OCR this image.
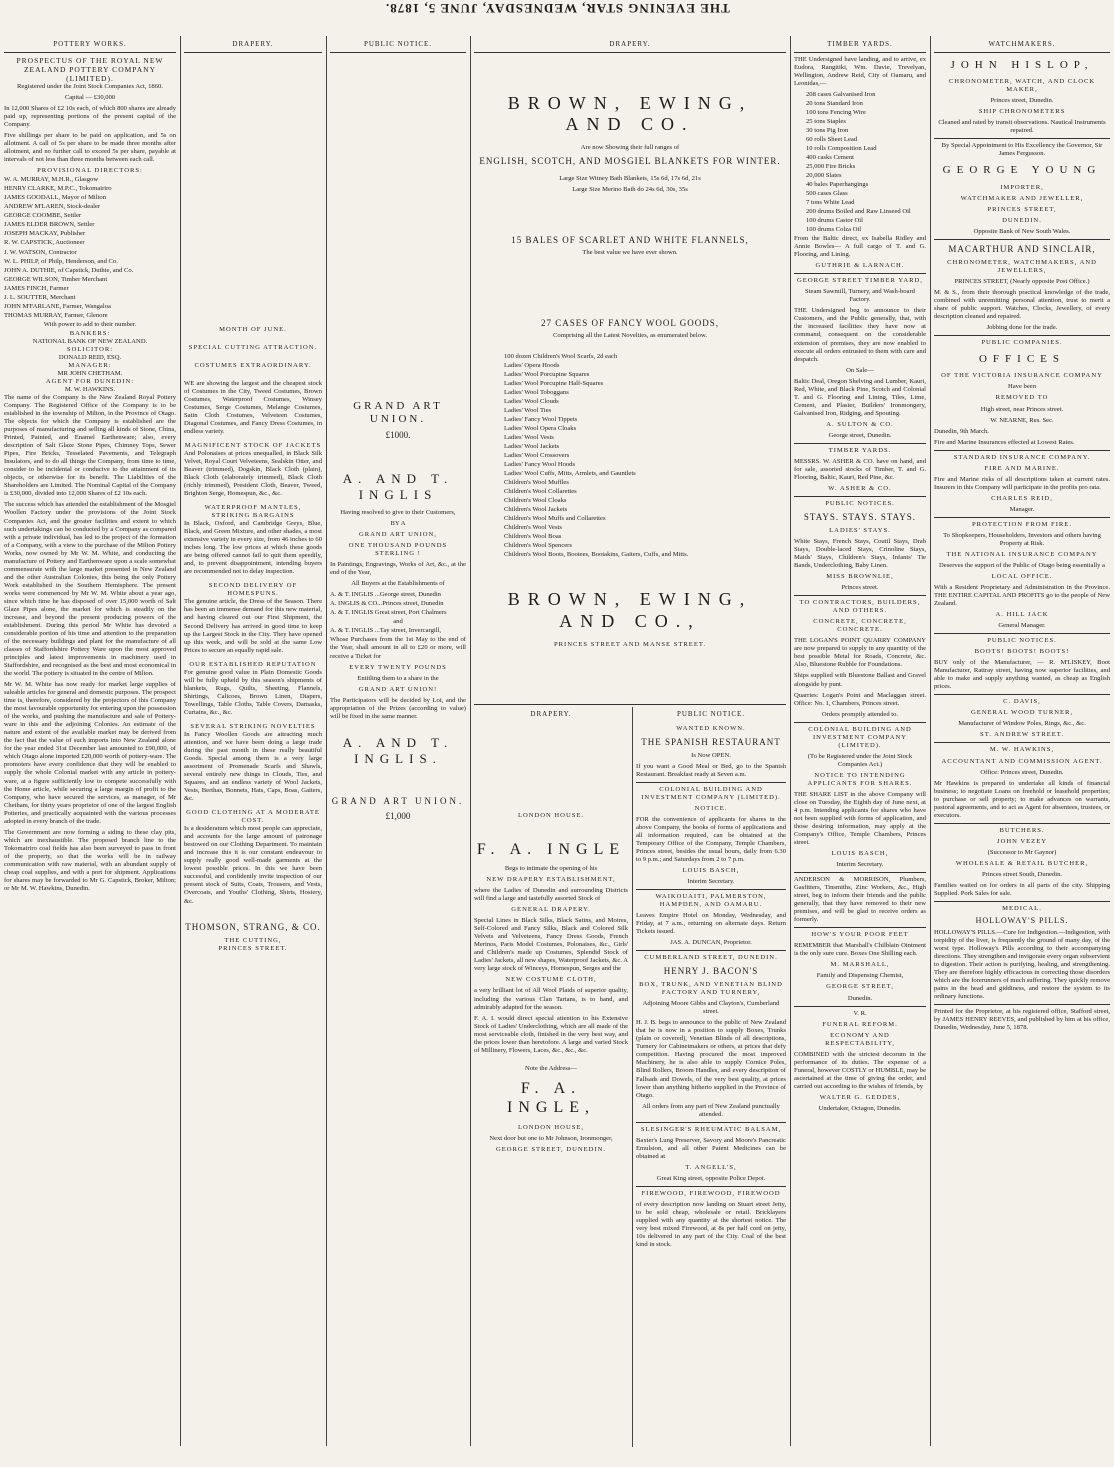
THE EVENING STAR, WEDNESDAY, JUNE 5, 1878.
POTTERY WORKS.
PROSPECTUS OF THE ROYAL NEW ZEALAND POTTERY COMPANY (LIMITED).

Registered under the Joint Stock Companies Act, 1860.

Capital — £30,000

In 12,000 Shares of £2 10s each, of which 800 shares are already paid up, representing portions of the present capital of the Company.

Five shillings per share to be paid on application, and 5s on allotment. A call of 5s per share to be made three months after allotment, and no further call to exceed 5s per share, payable at intervals of not less than three months between each call.

PROVISIONAL DIRECTORS:
W. A. MURRAY, M.H.R., Glasgow
HENRY CLARKE, M.P.C., Tokomairiro
JAMES GOODALL, Mayor of Milton
ANDREW M'LAREN, Stock-dealer
GEORGE COOMBE, Settler
JAMES ELDER BROWN, Settler
JOSEPH MACKAY, Publisher
R. W. CAPSTICK, Auctioneer
J. W. WATSON, Contractor
W. L. PHILP, of Philp, Henderson, and Co.
JOHN A. DUTHIE, of Capstick, Duthie, and Co.
GEORGE WILSON, Timber Merchant
JAMES FINCH, Farmer
J. L. SOUTTER, Merchant
JOHN M'FARLANE, Farmer, Wangaloa
THOMAS MURRAY, Farmer, Glenore
With power to add to their number.
BANKERS:
NATIONAL BANK OF NEW ZEALAND.
SOLICITOR:
DONALD REID, ESQ.
MANAGER:
MR JOHN CHETHAM.
AGENT FOR DUNEDIN:
M. W. HAWKINS.

The name of the Company is the New Zealand Royal Pottery Company. The Registered Office of the Company is to be established in the township of Milton, in the Province of Otago. The objects for which the Company is established are the purposes of manufacturing and selling all kinds of Stone, China, Printed, Painted, and Enamel Earthenware; also, every description of Salt Glaze Stone Pipes, Chimney Tops, Sewer Pipes, Fire Bricks, Tesselated Pavements, and Telegraph Insulators, and to do all things the Company, from time to time, consider to be incidental or conducive to the attainment of its objects, or otherwise for its benefit. The Liabilities of the Shareholders are Limited. The Nominal Capital of the Company is £30,000, divided into 12,000 Shares of £2 10s each.

The success which has attended the establishment of the Mosgiel Woollen Factory under the provisions of the Joint Stock Companies Act, and the greater facilities and extent to which such undertakings can be conducted by a Company as compared with a private individual, has led to the project of the formation of a Company, with a view to the purchase of the Milton Pottery Works, now owned by Mr W. M. White, and conducting the manufacture of Pottery and Earthenware upon a scale somewhat commensurate with the large market presented in New Zealand and the other Australian Colonies, this being the only Pottery Work established in the Southern Hemisphere. The present works were commenced by Mr W. M. White about a year ago, since which time he has disposed of over 15,000 worth of Salt Glaze Pipes alone, the market for which is steadily on the increase, and beyond the present producing powers of the establishment. During this period Mr White has devoted a considerable portion of his time and attention to the preparation of the necessary buildings and plant for the manufacture of all classes of Staffordshire Pottery Ware upon the most approved principles and latest improvements in machinery used in Staffordshire, and recognised as the best and most economical in the world. The pottery is situated in the centre of Milton.

Mr W. M. White has now ready for market large supplies of saleable articles for general and domestic purposes. The prospect time is, therefore, considered by the projectors of this Company the most favourable opportunity for entering upon the possession of the works, and pushing the manufacture and sale of Pottery-ware in this and the adjoining Colonies. An estimate of the nature and extent of the available market may be derived from the fact that the value of such imports into New Zealand alone for the year ended 31st December last amounted to £90,000, of which Otago alone imported £20,000 worth of pottery-ware. The promoters have every confidence that they will be enabled to supply the whole Colonial market with any article in pottery-ware, at a figure sufficiently low to compete successfully with the Home article, while securing a large margin of profit to the Company, who have secured the services, as manager, of Mr Chetham, for thirty years proprietor of one of the largest English Potteries, and practically acquainted with the various processes adopted in every branch of the trade.

The Government are now forming a siding to these clay pits, which are inexhaustible. The proposed branch line to the Tokomairiro coal fields has also been surveyed to pass in front of the property, so that the works will be in railway communication with raw material, with an abundant supply of cheap coal supplies, and with a port for shipment. Applications for shares may be forwarded to Mr G. Capstick, Broker, Milton; or Mr M. W. Hawkins, Dunedin.

DRAPERY.
MONTH OF JUNE.
SPECIAL CUTTING ATTRACTION.
COSTUMES EXTRAORDINARY.

WE are showing the largest and the cheapest stock of Costumes in the City, Tweed Costumes, Brown Costumes, Waterproof Costumes, Winsey Costumes, Serge Costumes, Melange Costumes, Satin Cloth Costumes, Velveteen Costumes, Diagonal Costumes, and Fancy Dress Costumes, in endless variety.

MAGNIFICENT STOCK OF JACKETS

And Polonaises at prices unequalled, in Black Silk Velvet, Royal Court Velveteens, Sealskin Otter, and Beaver (trimmed), Dogskin, Black Cloth (plain), Black Cloth (elaborately trimmed), Black Cloth (richly trimmed), President Cloth, Beaver, Tweed, Brighton Serge, Homespun, &c., &c.

WATERPROOF MANTLES, STRIKING BARGAINS

In Black, Oxford, and Cambridge Greys, Blue, Black, and Green Mixture, and other shades, a most extensive variety in every size, from 46 inches to 60 inches long. The low prices at which these goods are being offered cannot fail to quit them speedily, and, to prevent disappointment, intending buyers are recommended not to delay inspection.

SECOND DELIVERY OF HOMESPUNS.

The genuine article, the Dress of the Season. There has been an immense demand for this new material, and having cleared out our First Shipment, the Second Delivery has arrived in good time to keep up the Largest Stock in the City. They have opened up this week, and will be sold at the same Low Prices to secure an equally rapid sale.

OUR ESTABLISHED REPUTATION

For genuine good value in Plain Domestic Goods will be fully upheld by this season's shipments of blankets, Rugs, Quilts, Sheeting, Flannels, Shirtings, Calicoes, Brown Linen, Diapers, Towellings, Table Cloths, Table Covers, Damasks, Curtains, &c., &c.

SEVERAL STRIKING NOVELTIES

In Fancy Woollen Goods are attracting much attention, and we have been doing a large trade during the past month in these really beautiful Goods. Special among them is a very large assortment of Promenade Scarfs and Shawls, several entirely new things in Clouds, Ties, and Squares, and an endless variety of Wool Jackets, Vests, Berthas, Bonnets, Hats, Caps, Boas, Gaiters, &c.

GOOD CLOTHING AT A MODERATE COST.

Is a desideratum which most people can appreciate, and accounts for the large amount of patronage bestowed on our Clothing Department. To maintain and increase this it is our constant endeavour to supply really good well-made garments at the lowest possible prices. In this we have been successful, and confidently invite inspection of our present stock of Suits, Coats, Trousers, and Vests, Overcoats, and Youths' Clothing, Shirts, Hosiery, &c.

THOMSON, STRANG, & CO.
THE CUTTING,
PRINCES STREET.
PUBLIC NOTICE.
GRAND ART UNION.
£1000.
A. AND T. INGLIS

Having resolved to give to their Customers,

BY A

GRAND ART UNION,

ONE THOUSAND POUNDS STERLING !

In Paintings, Engravings, Works of Art, &c., at the end of the Year,

All Buyers at the Establishments of

A. & T. INGLIS ...George street, Dunedin
A. INGLIS & CO...Princes street, Dunedin
A. & T. INGLIS Great street, Port Chalmers
and
A. & T. INGLIS ...Tay street, Invercargill,

Whose Purchases from the 1st May to the end of the Year, shall amount in all to £20 or more, will receive a Ticket for

EVERY TWENTY POUNDS

Entitling them to a share in the

GRAND ART UNION!

The Participators will be decided by Lot, and the appropriation of the Prizes (according to value) will be fixed in the same manner.

A. AND T. INGLIS.
GRAND ART UNION.
£1,000
DRAPERY.
BROWN, EWING, AND CO.

Are now Showing their full ranges of

ENGLISH, SCOTCH, AND MOSGIEL BLANKETS FOR WINTER.

Large Size Witney Bath Blankets, 15s 6d, 17s 6d, 21s

Large Size Merino Bath do 24s 6d, 30s, 35s

15 BALES OF SCARLET AND WHITE FLANNELS,

The best value we have ever shown.

27 CASES OF FANCY WOOL GOODS,

Comprising all the Latest Novelties, as enumerated below.

100 dozen Children's Wool Scarfs, 2d each
Ladies' Opera Hoods
Ladies' Wool Porcupine Squares
Ladies' Wool Porcupine Half-Squares
Ladies' Wool Toboggans
Ladies' Wool Clouds
Ladies' Wool Ties
Ladies' Fancy Wool Tippets
Ladies' Wool Opera Cloaks
Ladies' Wool Vests
Ladies' Wool Jackets
Ladies' Wool Crossovers
Ladies' Fancy Wool Hoods
Ladies' Wool Cuffs, Mitts, Armlets, and Gauntlets
Children's Wool Muffles
Children's Wool Collarettes
Children's Wool Cloaks
Children's Wool Jackets
Children's Wool Muffs and Collarettes
Children's Wool Vests
Children's Wool Boas
Children's Wool Spencers
Children's Wool Boots, Bootees, Bootakins, Gaiters, Cuffs, and Mitts.
BROWN, EWING, AND CO.,

PRINCES STREET AND MANSE STREET.

DRAPERY.
LONDON HOUSE.
F. A. INGLE

Begs to intimate the opening of his

NEW DRAPERY ESTABLISHMENT,

where the Ladies of Dunedin and surrounding Districts will find a large and tastefully assorted Stock of

GENERAL DRAPERY.

Special Lines in Black Silks, Black Satins, and Moires, Self-Colored and Fancy Silks, Black and Colored Silk Velvets and Velveteens, Fancy Dress Goods, French Merinos, Paris Model Costumes, Polonaises, &c., Girls' and Children's made up Costumes, Splendid Stock of Ladies' Jackets, all new shapes, Waterproof Jackets, &c. A very large stock of Winceys, Homespun, Serges and the

NEW COSTUME CLOTH,

a very brilliant lot of All Wool Plaids of superior quality, including the various Clan Tartans, is to hand, and admirably adapted for the season.

F. A. I. would direct special attention to his Extensive Stock of Ladies' Underclothing, which are all made of the most serviceable cloth, finished in the very best way, and the prices lower than heretofore. A large and varied Stock of Millinery, Flowers, Laces, &c., &c., &c.

Note the Address—

F. A. INGLE,

LONDON HOUSE,

Next door but one to Mr Johnson, Ironmonger,

GEORGE STREET, DUNEDIN.

PUBLIC NOTICE.

WANTED KNOWN.

THE SPANISH RESTAURANT

Is Now OPEN.

If you want a Good Meal or Bed, go to the Spanish Restaurant. Breakfast ready at Seven a.m.

COLONIAL BUILDING AND INVESTMENT COMPANY (LIMITED).

NOTICE.

FOR the convenience of applicants for shares in the above Company, the books of forms of applications and all information required, can be obtained at the Temporary Office of the Company, Temple Chambers, Princes street, besides the usual hours, daily from 6.30 to 9 p.m.; and Saturdays from 2 to 7 p.m.

LOUIS BASCH,

Interim Secretary.

WAIKOUAITI, PALMERSTON, HAMPDEN, AND OAMARU.

Leaves Empire Hotel on Monday, Wednesday, and Friday, at 7 a.m., returning on alternate days. Return Tickets issued.

JAS. A. DUNCAN, Proprietor.

CUMBERLAND STREET, DUNEDIN.

HENRY J. BACON'S

BOX, TRUNK, AND VENETIAN BLIND FACTORY AND TURNERY,

Adjoining Moore Gibbs and Clayton's, Cumberland street.

H. J. B. begs to announce to the public of New Zealand that he is now in a position to supply Boxes, Trunks (plain or covered), Venetian Blinds of all descriptions, Turnery for Cabinetmakers or others, at prices that defy competition. Having procured the most improved Machinery, he is also able to supply Cornice Poles, Blind Rollers, Broom Handles, and every description of Fallsads and Dowels, of the very best quality, at prices lower than anything hitherto supplied in the Province of Otago.

All orders from any part of New Zealand punctually attended.

SLESINGER'S RHEUMATIC BALSAM,

Baxter's Lung Preserver, Savory and Moore's Pancreatic Emulsion, and all other Patent Medicines can be obtained at

T. ANGELL'S,

Great King street, opposite Police Depot.

FIREWOOD, FIREWOOD, FIREWOOD

of every description now landing on Stuart street Jetty, to be sold cheap, wholesale or retail. Bricklayers supplied with any quantity at the shortest notice. The very best mixed Firewood, at 8s per half cord on jetty, 10s delivered in any part of the City. Coal of the best kind in stock.

TIMBER YARDS.

THE Undersigned have landing, and to arrive, ex Eudora, Rangitiki, Wm. Davie, Trevelyan, Wellington, Andrew Reid, City of Oamaru, and Leonidas,—

208 cases Galvanised Iron
20 tons Standard Iron
100 tons Fencing Wire
25 tons Staples
30 tons Pig Iron
60 rolls Sheet Lead
10 rolls Composition Lead
400 casks Cement
25,000 Fire Bricks
20,000 Slates
40 bales Paperhangings
500 cases Glass
7 tons White Lead
200 drums Boiled and Raw Linseed Oil
100 drums Castor Oil
100 drums Colza Oil

From the Baltic direct, ex Isabella Ridley and Annie Bowles— A full cargo of T. and G. Flooring, and Lining.

GUTHRIE & LARNACH.

GEORGE STREET TIMBER YARD,

Steam Sawmill, Turnery, and Wash-board Factory.

THE Undersigned beg to announce to their Customers, and the Public generally, that, with the increased facilities they have now at command, consequent on the considerable extension of premises, they are now enabled to execute all orders entrusted to them with care and despatch.

On Sale—

Baltic Deal, Oregon Shelving and Lumber, Kauri, Red, White, and Black Pine, Scotch and Colonial T. and G. Flooring and Lining, Tiles, Lime, Cement, and Plaster, Builders' Ironmongery, Galvanised Iron, Ridging, and Spouting.

A. SULTON & CO.

George street, Dunedin.

TIMBER YARDS.

MESSRS. W. ASHER & CO. have on hand, and for sale, assorted stocks of Timber, T. and G. Flooring, Baltic, Kauri, Red Pine, &c.

W. ASHER & CO.

PUBLIC NOTICES.

STAYS. STAYS. STAYS.

LADIES' STAYS.

White Stays, French Stays, Coutil Stays, Drab Stays, Double-laced Stays, Crinoline Stays, Maids' Stays, Children's Stays, Infants' Tie Bands, Underclothing, Baby Linen.

MISS BROWNLIE,

Princes street.

TO CONTRACTORS, BUILDERS, AND OTHERS.

CONCRETE, CONCRETE, CONCRETE.

THE LOGAN'S POINT QUARRY COMPANY are now prepared to supply in any quantity of the best possible Metal for Roads, Concrete, &c. Also, Bluestone Rubble for Foundations.

Ships supplied with Bluestone Ballast and Gravel alongside by punt.

Quarries: Logan's Point and Maclaggan street. Office: No. 1, Chambers, Princes street.

Orders promptly attended to.

COLONIAL BUILDING AND INVESTMENT COMPANY (LIMITED).

(To be Registered under the Joint Stock Companies Act.)

NOTICE TO INTENDING APPLICANTS FOR SHARES.

THE SHARE LIST in the above Company will close on Tuesday, the Eighth day of June next, at 4 p.m. Intending applicants for shares who have not been supplied with forms of application, and those desiring information, may apply at the Company's Office, Temple Chambers, Princes street.

LOUIS BASCH,

Interim Secretary.

ANDERSON & MORRISON, Plumbers, Gasfitters, Tinsmiths, Zinc Workers, &c., High street, beg to inform their friends and the public generally, that they have removed to their new premises, and will be glad to receive orders as formerly.

HOW'S YOUR POOR FEET

REMEMBER that Marshall's Chilblain Ointment is the only sure cure. Boxes One Shilling each.

M. MARSHALL,

Family and Dispensing Chemist,

GEORGE STREET,

Dunedin.

V. R.

FUNERAL REFORM.

ECONOMY AND RESPECTABILITY,

COMBINED with the strictest decorum in the performance of its duties. The expense of a Funeral, however COSTLY or HUMBLE, may be ascertained at the time of giving the order, and carried out according to the wishes of friends, by

WALTER G. GEDDES,

Undertaker, Octagon, Dunedin.

WATCHMAKERS.
JOHN HISLOP,

CHRONOMETER, WATCH, AND CLOCK MAKER,

Princes street, Dunedin.

SHIP CHRONOMETERS

Cleaned and rated by transit observations. Nautical Instruments repaired.

By Special Appointment to His Excellency the Governor, Sir James Fergusson.

GEORGE YOUNG

IMPORTER,

WATCHMAKER AND JEWELLER,

PRINCES STREET,

DUNEDIN.

Opposite Bank of New South Wales.

MACARTHUR AND SINCLAIR,

CHRONOMETER, WATCHMAKERS, AND JEWELLERS,

PRINCES STREET, (Nearly opposite Post Office.)

M. & S., from their thorough practical knowledge of the trade, combined with unremitting personal attention, trust to merit a share of public support. Watches, Clocks, Jewellery, of every description cleaned and repaired.

Jobbing done for the trade.

PUBLIC COMPANIES.

OFFICES

OF THE VICTORIA INSURANCE COMPANY

Have been

REMOVED TO

High street, near Princes street.

W. NEARNE, Res. Sec.

Dunedin, 9th March.

Fire and Marine Insurances effected at Lowest Rates.

STANDARD INSURANCE COMPANY.

FIRE AND MARINE.

Fire and Marine risks of all descriptions taken at current rates. Insurers in this Company will participate in the profits pro rata.

CHARLES REID,

Manager.

PROTECTION FROM FIRE.

To Shopkeepers, Householders, Investors and others having Property at Risk.

THE NATIONAL INSURANCE COMPANY

Deserves the support of the Public of Otago being essentially a

LOCAL OFFICE.

With a Resident Proprietary and Administration in the Province. THE ENTIRE CAPITAL AND PROFITS go to the people of New Zealand.

A. HILL JACK

General Manager.

PUBLIC NOTICES.

BOOTS! BOOTS! BOOTS!

BUY only of the Manufacturer, — R. M'LISKEY, Boot Manufacturer, Rattray street, having now superior facilities, and able to make and supply anything wanted, as cheap as English prices.

C. DAVIS,

GENERAL WOOD TURNER,

Manufacturer of Window Poles, Rings, &c., &c.

ST. ANDREW STREET.

M. W. HAWKINS,

ACCOUNTANT AND COMMISSION AGENT.

Office: Princes street, Dunedin.

Mr Hawkins is prepared to undertake all kinds of financial business; to negotiate Loans on freehold or leasehold properties; to purchase or sell property; to make advances on warrants, pastoral agreements, and to act as Agent for absentees, trustees, or executors.

BUTCHERS.

JOHN VEZEY

(Successor to Mr Gaynor)

WHOLESALE & RETAIL BUTCHER,

Princes street South, Dunedin.

Families waited on for orders in all parts of the city. Shipping Supplied. Pork Sales for sale.

MEDICAL.

HOLLOWAY'S PILLS.

HOLLOWAY'S PILLS.—Cure for Indigestion.—Indigestion, with torpidity of the liver, is frequently the ground of many day, of the worst type. Holloway's Pills according to their accompanying directions. They strengthen and invigorate every organ subservient to digestion. Their action is purifying, healing, and strengthening. They are therefore highly efficacious in correcting those disorders which are the forerunners of much suffering. They quickly remove pains in the head and giddiness, and restore the system to its ordinary functions.

Printed for the Proprietor, at his registered office, Stafford street, by JAMES HENRY REEVES, and published by him at his office, Dunedin, Wednesday, June 5, 1878.
